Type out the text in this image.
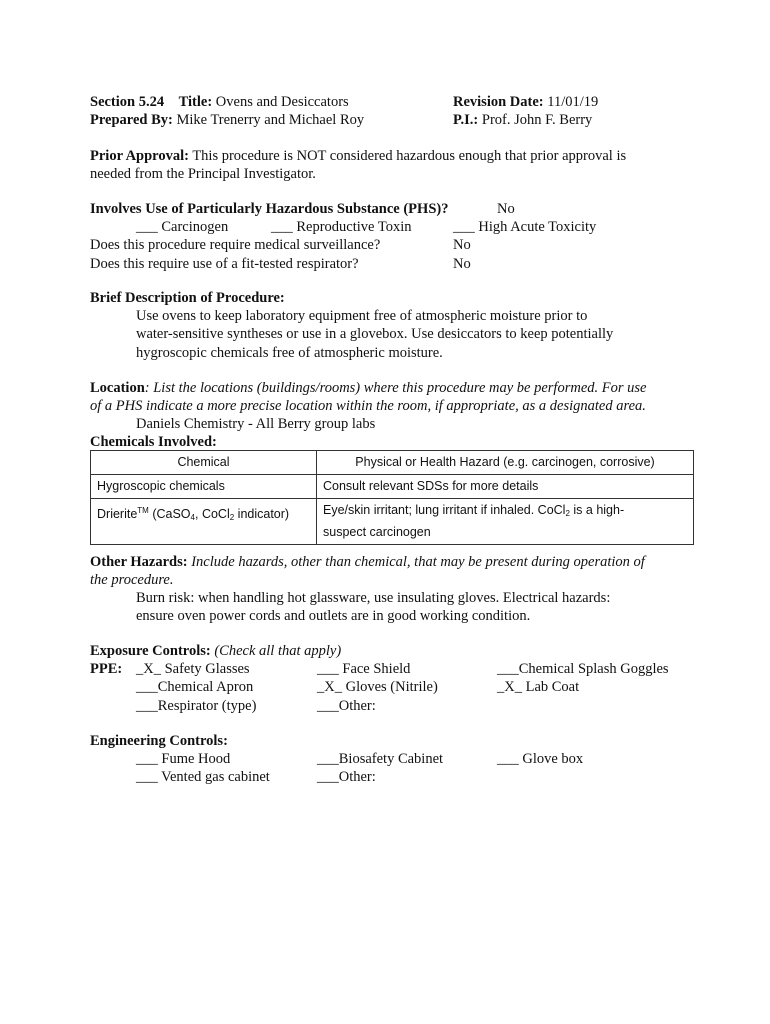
Section 5.24 Title: Ovens and Desiccators	Revision Date: 11/01/19
Prepared By: Mike Trenerry and Michael Roy	P.I.: Prof. John F. Berry
Prior Approval: This procedure is NOT considered hazardous enough that prior approval is
needed from the Principal Investigator.
Involves Use of Particularly Hazardous Substance (PHS)?	No
___ Carcinogen	___ Reproductive Toxin	___ High Acute Toxicity
Does this procedure require medical surveillance?	No
Does this require use of a fit-tested respirator?	No
Brief Description of Procedure:
Use ovens to keep laboratory equipment free of atmospheric moisture prior to
water-sensitive syntheses or use in a glovebox. Use desiccators to keep potentially
hygroscopic chemicals free of atmospheric moisture.
Location: List the locations (buildings/rooms) where this procedure may be performed. For use
of a PHS indicate a more precise location within the room, if appropriate, as a designated area.
Daniels Chemistry - All Berry group labs
Chemicals Involved:
Chemical	Physical or Health Hazard (e.g. carcinogen, corrosive)
Hygroscopic chemicals	Consult relevant SDSs for more details
Drierite™ (CaSO$_4$, CoCl$_2$ indicator)	Eye/skin irritant; lung irritant if inhaled. CoCl$_2$ is a high-
suspect carcinogen
Other Hazards: Include hazards, other than chemical, that may be present during operation of
the procedure.
Burn risk: when handling hot glassware, use insulating gloves. Electrical hazards:
ensure oven power cords and outlets are in good working condition.
Exposure Controls: (Check all that apply)
PPE: _X_ Safety Glasses	___ Face Shield	___Chemical Splash Goggles
___Chemical Apron	_X_ Gloves (Nitrile)	_X_ Lab Coat
___Respirator (type)	___Other:
Engineering Controls:
___ Fume Hood	___Biosafety Cabinet	___ Glove box
___ Vented gas cabinet	___Other:
